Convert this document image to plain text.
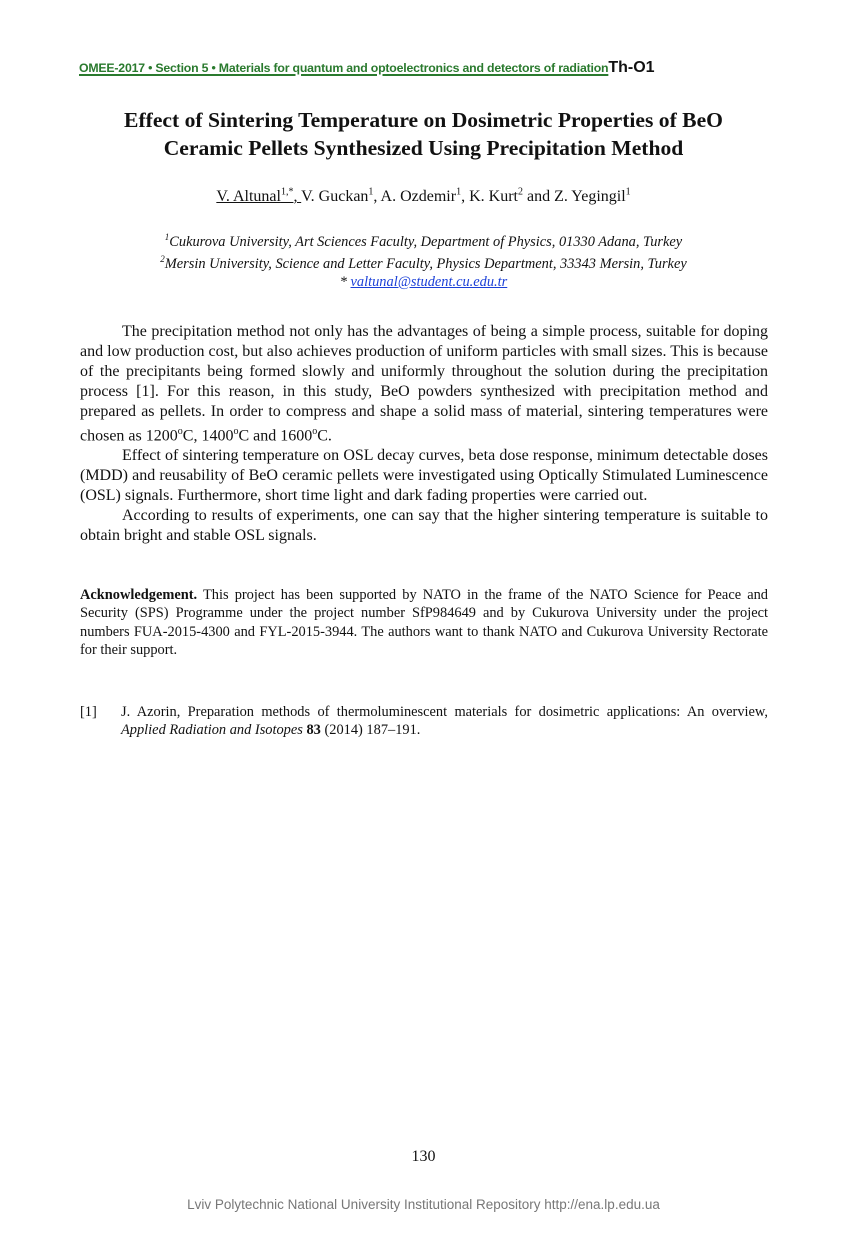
OMEE-2017 • Section 5 • Materials for quantum and optoelectronics and detectors of radiationTh-O1
Effect of Sintering Temperature on Dosimetric Properties of BeO
Ceramic Pellets Synthesized Using Precipitation Method
V. Altunal$^{1,*}$, V. Guckan$^1$, A. Ozdemir$^1$, K. Kurt$^2$ and Z. Yegingil$^1$
$^1$Cukurova University, Art Sciences Faculty, Department of Physics, 01330 Adana, Turkey
$^2$Mersin University, Science and Letter Faculty, Physics Department, 33343 Mersin, Turkey
* valtunal@student.cu.edu.tr

The precipitation method not only has the advantages of being a simple process, suitable for doping and low production cost, but also achieves production of uniform particles with small sizes. This is because of the precipitants being formed slowly and uniformly throughout the solution during the precipitation process [1]. For this reason, in this study, BeO powders synthesized with precipitation method and prepared as pellets. In order to compress and shape a solid mass of material, sintering temperatures were chosen as 1200$^o$C, 1400$^o$C and 1600$^o$C.

Effect of sintering temperature on OSL decay curves, beta dose response, minimum detectable doses (MDD) and reusability of BeO ceramic pellets were investigated using Optically Stimulated Luminescence (OSL) signals. Furthermore, short time light and dark fading properties were carried out.

According to results of experiments, one can say that the higher sintering temperature is suitable to obtain bright and stable OSL signals.

Acknowledgement. This project has been supported by NATO in the frame of the NATO Science for Peace and Security (SPS) Programme under the project number SfP984649 and by Cukurova University under the project numbers FUA-2015-4300 and FYL-2015-3944. The authors want to thank NATO and Cukurova University Rectorate for their support.
[1]	J. Azorin, Preparation methods of thermoluminescent materials for dosimetric applications: An overview, Applied Radiation and Isotopes 83 (2014) 187–191.
130
Lviv Polytechnic National University Institutional Repository http://ena.lp.edu.ua
